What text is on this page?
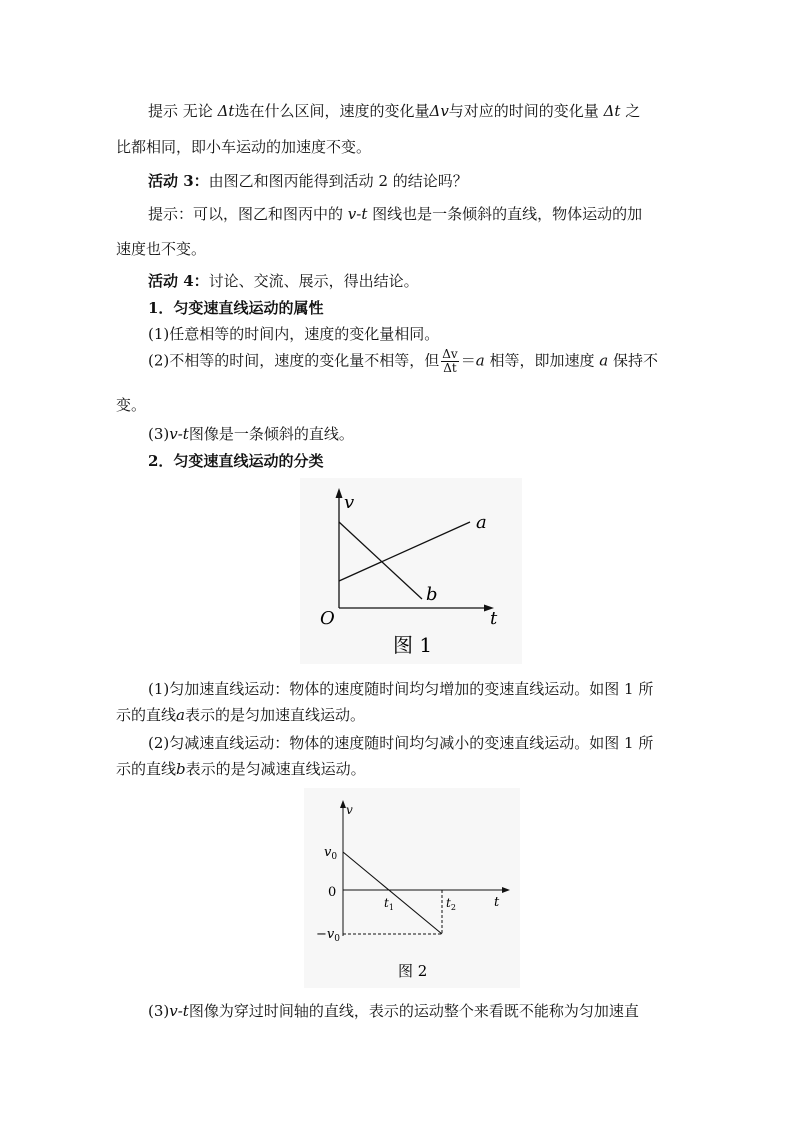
提示 无论 Δt选在什么区间，速度的变化量Δv与对应的时间的变化量 Δt 之
比都相同，即小车运动的加速度不变。
活动 3：由图乙和图丙能得到活动 2 的结论吗？
提示：可以，图乙和图丙中的 v-t 图线也是一条倾斜的直线，物体运动的加
速度也不变。
活动 4：讨论、交流、展示，得出结论。
1．匀变速直线运动的属性
(1)任意相等的时间内，速度的变化量相同。
(2)不相等的时间，速度的变化量不相等，但 $\frac{\Delta v}{\Delta t} =a$ 相等，即加速度 a 保持不
变。
(3)v-t图像是一条倾斜的直线。
2．匀变速直线运动的分类
v
t
O
a
b
图 1
(1)匀加速直线运动：物体的速度随时间均匀增加的变速直线运动。如图 1 所
示的直线a表示的是匀加速直线运动。
(2)匀减速直线运动：物体的速度随时间均匀减小的变速直线运动。如图 1 所
示的直线b表示的是匀减速直线运动。
v
t
$v_0$
0
$t_1$	$t_2$
$-v_0$
图 2
(3)v-t图像为穿过时间轴的直线，表示的运动整个来看既不能称为匀加速直
